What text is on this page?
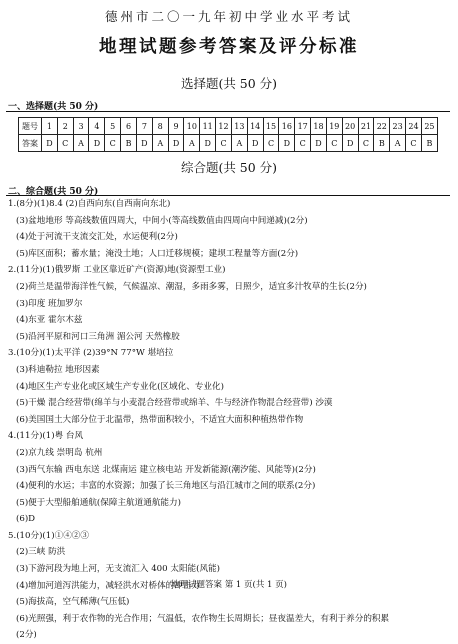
德州市二〇一九年初中学业水平考试
地理试题参考答案及评分标准
选择题(共 50 分)
一、选择题(共 50 分)
题号	1	2	3	4	5	6	7	8	9	10	11	12	13	14	15	16	17	18	19	20	21	22	23	24	25
答案	D	C	A	D	C	B	D	A	D	A	D	C	A	D	C	D	C	D	C	D	C	B	A	C	B
综合题(共 50 分)
二、综合题(共 50 分)
1.(8分)(1)8.4 (2)自西向东(自西南向东北)
(3)盆地地形 等高线数值四周大，中间小(等高线数值由四周向中间递减)(2分)
(4)处于河流干支流交汇处，水运便利(2分)
(5)库区面积；蓄水量；淹没土地；人口迁移规模；建坝工程量等方面(2分)
2.(11分)(1)俄罗斯 工业区靠近矿产(资源)地(资源型工业)
(2)荷兰是温带海洋性气候，气候温凉、潮湿，多雨多雾，日照少，适宜多汁牧草的生长(2分)
(3)印度 班加罗尔
(4)东亚 霍尔木兹
(5)沿河平原和河口三角洲 湄公河 天然橡胶
3.(10分)(1)太平洋 (2)39°N 77°W 堪培拉
(3)科迪勒拉 地形因素
(4)地区生产专业化或区域生产专业化(区域化、专业化)
(5)干燥 混合经营带(绵羊与小麦混合经营带或绵羊、牛与经济作物混合经营带) 沙漠
(6)美国国土大部分位于北温带，热带面积较小，不适宜大面积种植热带作物
4.(11分)(1)粤 台风
(2)京九线 崇明岛 杭州
(3)西气东输 西电东送 北煤南运 建立核电站 开发新能源(潮汐能、风能等)(2分)
(4)便利的水运；丰富的水资源；加强了长三角地区与沿江城市之间的联系(2分)
(5)便于大型船舶通航(保障主航道通航能力)
(6)D
5.(10分)(1)①④②③
(2)三峡 防洪
(3)下游河段为地上河，无支流汇入 400 太阳能(风能)
(4)增加河道泻洪能力，减轻洪水对桥体的冲击力
(5)海拔高，空气稀薄(气压低)
(6)光照强，利于农作物的光合作用；气温低，农作物生长周期长；昼夜温差大，有利于养分的积累
(2分)
地理试题答案 第 1 页(共 1 页)
